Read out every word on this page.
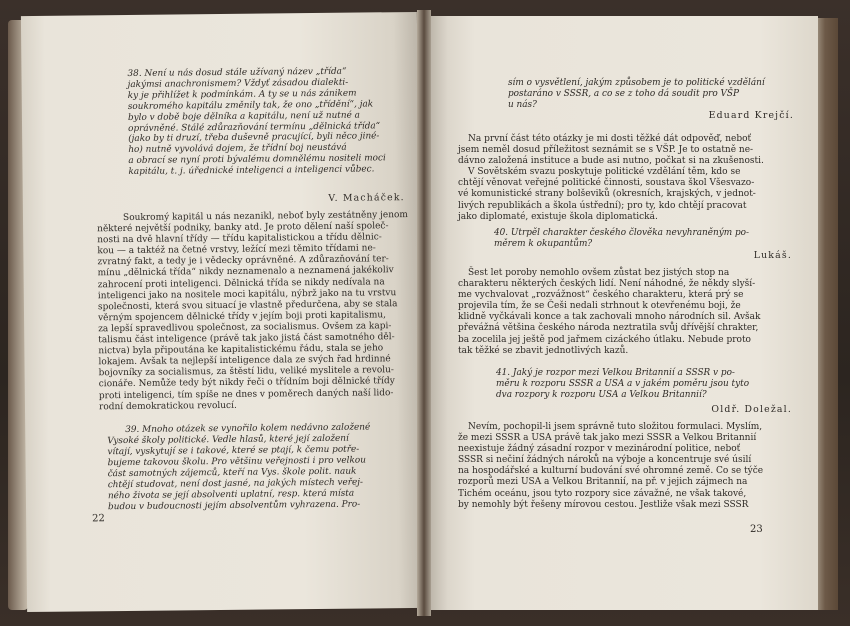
38. Není u nás dosud stále užívaný název „třída“

jakýmsi anachronismem? Vždyť zásadou dialekti-

ky je přihlížet k podmínkám. A ty se u nás zánikem

soukromého kapitálu změnily tak, že ono „třídění“, jak

bylo v době boje dělníka a kapitálu, není už nutné a

oprávněné. Stálé zdůrazňování termínu „dělnická třída“

(jako by ti druzí, třeba duševně pracující, byli něco jiné-

ho) nutně vyvolává dojem, že třídní boj neustává

a obrací se nyní proti bývalému domnělému nositeli moci

kapitálu, t. j. úřednické inteligenci a inteligenci vůbec.

V. Macháček.

Soukromý kapitál u nás nezanikl, neboť byly zestátněny jenom

některé největší podniky, banky atd. Je proto dělení naší společ-

nosti na dvě hlavní třídy — třídu kapitalistickou a třídu dělnic-

kou — a taktéž na četné vrstvy, ležící mezi těmito třídami ne-

zvratný fakt, a tedy je i vědecky oprávněné. A zdůrazňování ter-

mínu „dělnická třída“ nikdy neznamenalo a neznamená jakékoliv

zahrocení proti inteligenci. Dělnická třída se nikdy nedívala na

inteligenci jako na nositele moci kapitálu, nýbrž jako na tu vrstvu

společnosti, která svou situací je vlastně předurčena, aby se stala

věrným spojencem dělnické třídy v jejím boji proti kapitalismu,

za lepší spravedlivou společnost, za socialismus. Ovšem za kapi-

talismu část inteligence (právě tak jako jistá část samotného děl-

nictva) byla připoutána ke kapitalistickému řádu, stala se jeho

lokajem. Avšak ta nejlepší inteligence dala ze svých řad hrdinné

bojovníky za socialismus, za štěstí lidu, veliké myslitele a revolu-

cionáře. Nemůže tedy být nikdy řeči o třídním boji dělnické třídy

proti inteligenci, tím spíše ne dnes v poměrech daných naší lido-

rodní demokratickou revolucí.

39. Mnoho otázek se vynořilo kolem nedávno založené

Vysoké školy politické. Vedle hlasů, které její založení

vítají, vyskytují se i takové, které se ptají, k čemu potře-

bujeme takovou školu. Pro většinu veřejnosti i pro velkou

část samotných zájemců, kteří na Vys. škole polit. nauk

chtějí studovat, není dost jasné, na jakých místech veřej-

ného života se její absolventi uplatní, resp. která místa

budou v budoucnosti jejím absolventům vyhrazena. Pro-

22

sím o vysvětlení, jakým způsobem je to politické vzdělání

postaráno v SSSR, a co se z toho dá soudit pro VŠP

u nás?

Eduard Krejčí.

Na první část této otázky je mi dosti těžké dát odpověď, neboť

jsem neměl dosud příležitost seznámit se s VŠP. Je to ostatně ne-

dávno založená instituce a bude asi nutno, počkat si na zkušenosti.

V Sovětském svazu poskytuje politické vzdělání těm, kdo se

chtějí věnovat veřejné politické činnosti, soustava škol Všesvazo-

vé komunistické strany bolševiků (okresních, krajských, v jednot-

livých republikách a škola ústřední); pro ty, kdo chtějí pracovat

jako diplomaté, existuje škola diplomatická.

40. Utrpěl charakter českého člověka nevyhraněným po-

měrem k okupantům?

Lukáš.

Šest let poroby nemohlo ovšem zůstat bez jistých stop na

charakteru některých českých lidí. Není náhodné, že někdy slyší-

me vychvalovat „rozvážnost“ českého charakteru, která prý se

projevila tím, že se Češi nedali strhnout k otevřenému boji, že

klidně vyčkávali konce a tak zachovali mnoho národních sil. Avšak

převážná většina českého národa neztratila svůj dřívější chrakter,

ba zocelila jej ještě pod jařmem cizáckého útlaku. Nebude proto

tak těžké se zbavit jednotlivých kazů.

41. Jaký je rozpor mezi Velkou Britannií a SSSR v po-

měru k rozporu SSSR a USA a v jakém poměru jsou tyto

dva rozpory k rozporu USA a Velkou Britannií?

Oldř. Doležal.

Nevím, pochopil-li jsem správně tuto složitou formulaci. Myslím,

že mezi SSSR a USA právě tak jako mezi SSSR a Velkou Britannií

neexistuje žádný zásadní rozpor v mezinárodní politice, neboť

SSSR si nečiní žádných nároků na výboje a koncentruje své úsilí

na hospodářské a kulturní budování své ohromné země. Co se týče

rozporů mezi USA a Velkou Britannií, na př. v jejich zájmech na

Tichém oceánu, jsou tyto rozpory sice závažné, ne však takové,

by nemohly být řešeny mírovou cestou. Jestliže však mezi SSSR

23
